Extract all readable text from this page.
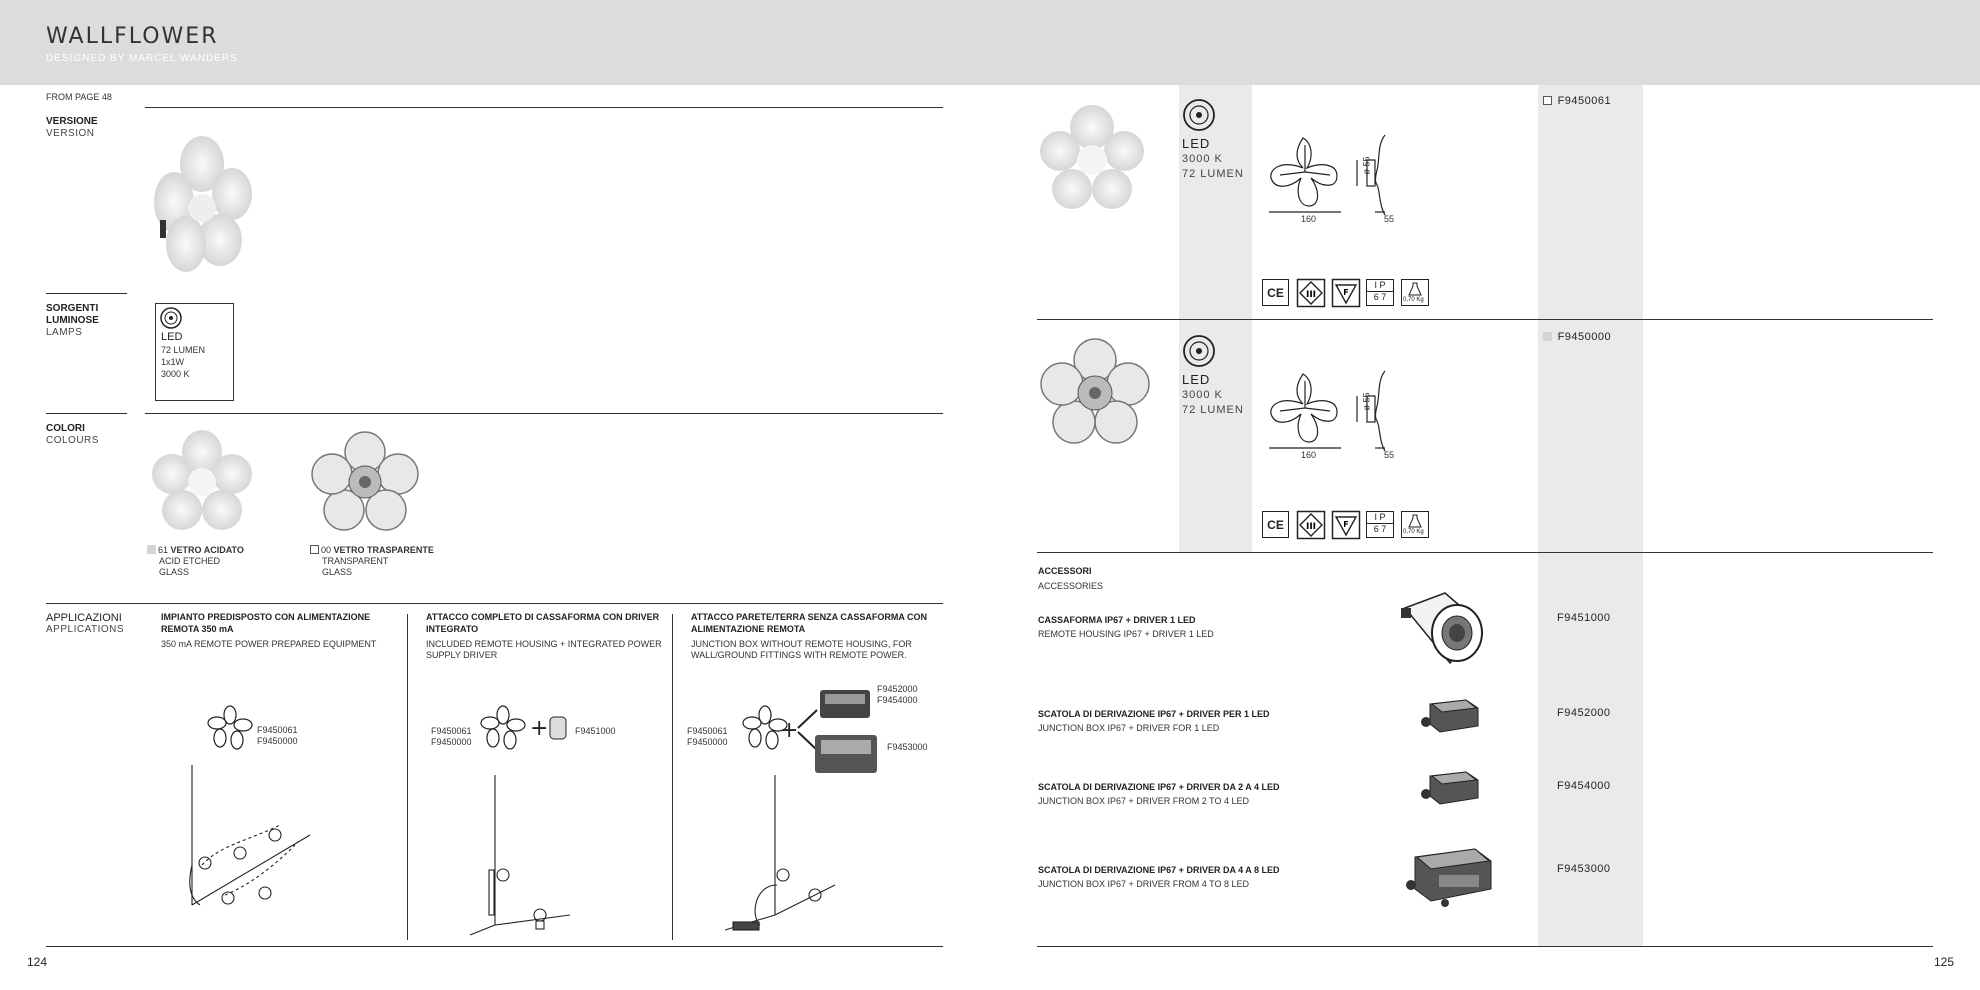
WALLFLOWER
DESIGNED BY MARCEL WANDERS
FROM PAGE 48
VERSIONE
VERSION
SORGENTI
LUMINOSE
LAMPS	LED
72 LUMEN
1x1W
3000 K
COLORI
COLOURS
61 VETRO ACIDATO
ACID ETCHED
GLASS
00 VETRO TRASPARENTE
TRANSPARENT
GLASS
APPLICAZIONI
APPLICATIONS
IMPIANTO PREDISPOSTO CON ALIMENTAZIONE
REMOTA 350 mA
350 mA REMOTE POWER PREPARED EQUIPMENT
F9450061
F9450000
ATTACCO COMPLETO DI CASSAFORMA CON DRIVER
INTEGRATO
INCLUDED REMOTE HOUSING + INTEGRATED POWER
SUPPLY DRIVER
F9450061
F9450000
+	F9451000
ATTACCO PARETE/TERRA SENZA CASSAFORMA CON
ALIMENTAZIONE REMOTA
JUNCTION BOX WITHOUT REMOTE HOUSING, FOR
WALL/GROUND FITTINGS WITH REMOTE POWER.
F9450061
F9450000 +
F9452000
F9454000
F9453000
124
LED
3000 K
72 LUMEN
160	55
ø 55
CE	III	F
I P
6 7	0,70 Kg
F9450061
LED
3000 K
72 LUMEN
160	55
ø 55
CE	III	F
I P
6 7	0,70 Kg
F9450000
ACCESSORI
ACCESSORIES
CASSAFORMA IP67 + DRIVER 1 LED
REMOTE HOUSING IP67 + DRIVER 1 LED
F9451000
SCATOLA DI DERIVAZIONE IP67 + DRIVER PER 1 LED
JUNCTION BOX IP67 + DRIVER FOR 1 LED
F9452000
SCATOLA DI DERIVAZIONE IP67 + DRIVER DA 2 A 4 LED
JUNCTION BOX IP67 + DRIVER FROM 2 TO 4 LED
F9454000
SCATOLA DI DERIVAZIONE IP67 + DRIVER DA 4 A 8 LED
JUNCTION BOX IP67 + DRIVER FROM 4 TO 8 LED
F9453000
125
